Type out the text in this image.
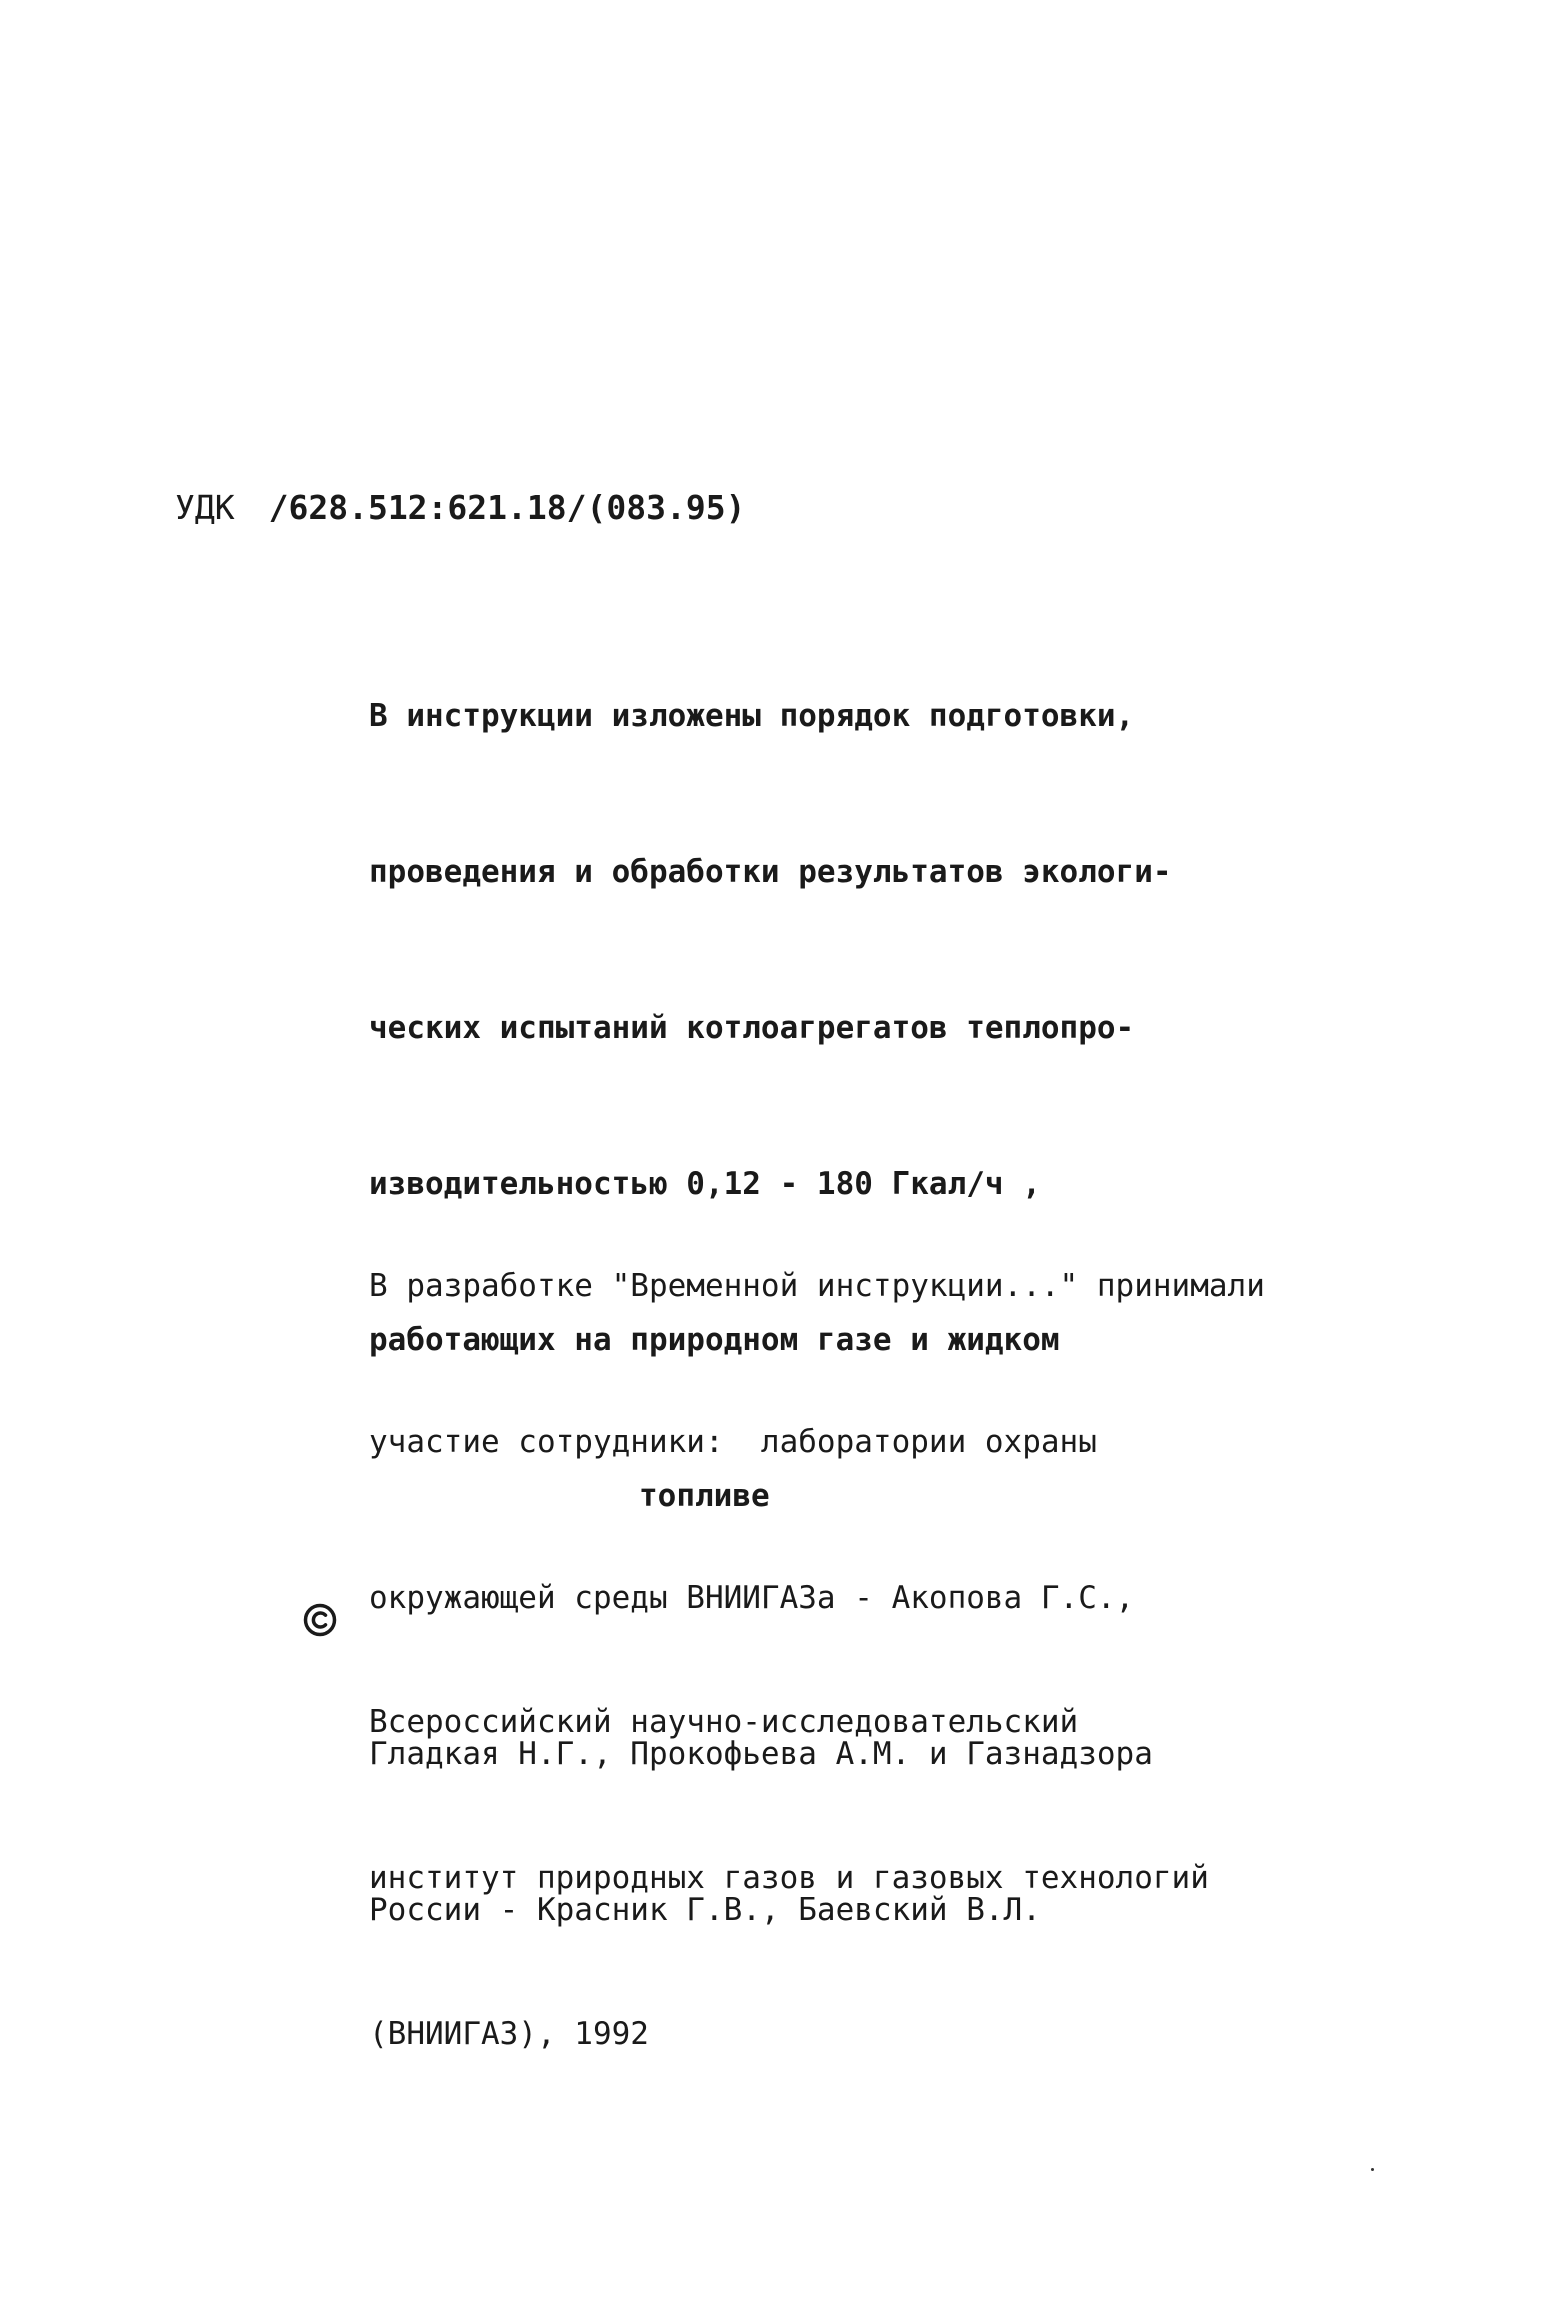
УДК /628.512:621.18/(083.95)

В инструкции изложены порядок подготовки,

проведения и обработки результатов экологи-

ческих испытаний котлоагрегатов теплопро-

изводительностью 0,12 - 180 Гкал/ч ,

работающих на природном газе и жидком

топливе

В разработке "Временной инструкции..." принимали

участие сотрудники:  лаборатории охраны

окружающей среды ВНИИГАЗа - Акопова Г.С.,

Гладкая Н.Г., Прокофьева А.М. и Газнадзора

России - Красник Г.В., Баевский В.Л.

Всероссийский научно-исследовательский

институт природных газов и газовых технологий

(ВНИИГАЗ), 1992
